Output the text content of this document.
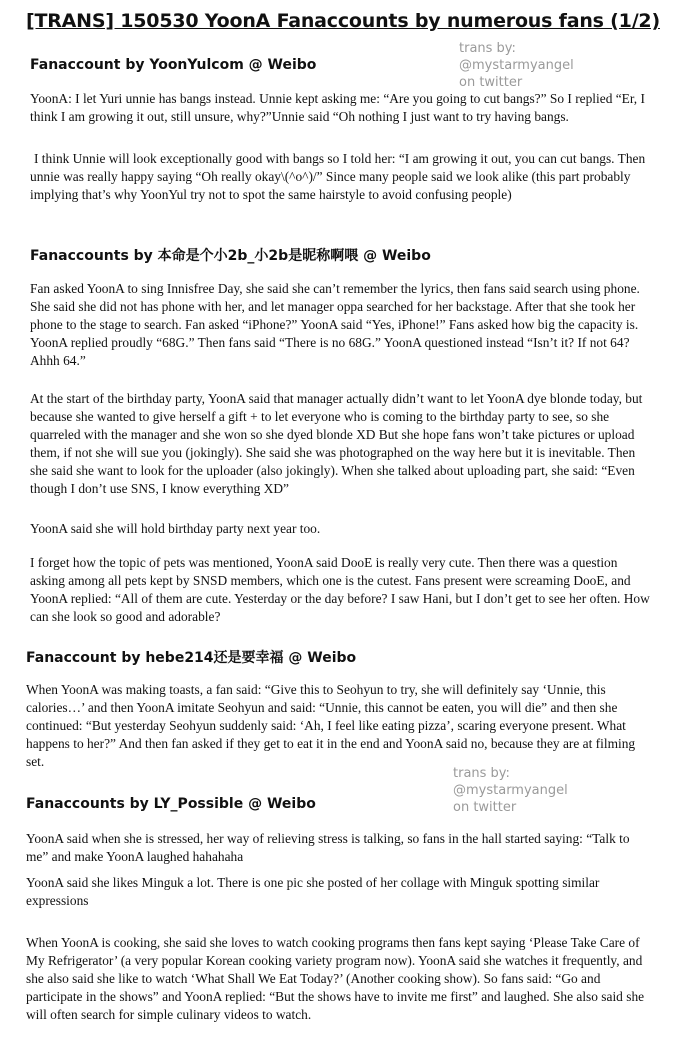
[TRANS] 150530 YoonA Fanaccounts by numerous fans (1/2)
trans by:
@mystarmyangel
on twitter
Fanaccount by YoonYulcom @ Weibo

YoonA: I let Yuri unnie has bangs instead. Unnie kept asking me: “Are you going to cut bangs?” So I replied “Er, I think I am growing it out, still unsure, why?”Unnie said “Oh nothing I just want to try having bangs.

I think Unnie will look exceptionally good with bangs so I told her: “I am growing it out, you can cut bangs. Then unnie was really happy saying “Oh really okay\(^o^)/” Since many people said we look alike (this part probably implying that’s why YoonYul try not to spot the same hairstyle to avoid confusing people)

Fanaccounts by 本命是个小2b_小2b是昵称啊喂 @ Weibo

Fan asked YoonA to sing Innisfree Day, she said she can’t remember the lyrics, then fans said search using phone. She said she did not has phone with her, and let manager oppa searched for her backstage. After that she took her phone to the stage to search. Fan asked “iPhone?” YoonA said “Yes, iPhone!” Fans asked how big the capacity is. YoonA replied proudly “68G.” Then fans said “There is no 68G.” YoonA questioned instead “Isn’t it? If not 64? Ahhh 64.”

At the start of the birthday party, YoonA said that manager actually didn’t want to let YoonA dye blonde today, but because she wanted to give herself a gift + to let everyone who is coming to the birthday party to see, so she quarreled with the manager and she won so she dyed blonde XD But she hope fans won’t take pictures or upload them, if not she will sue you (jokingly). She said she was photographed on the way here but it is inevitable. Then she said she want to look for the uploader (also jokingly). When she talked about uploading part, she said: “Even though I don’t use SNS, I know everything XD”

YoonA said she will hold birthday party next year too.

I forget how the topic of pets was mentioned, YoonA said DooE is really very cute. Then there was a question asking among all pets kept by SNSD members, which one is the cutest. Fans present were screaming DooE, and YoonA replied: “All of them are cute. Yesterday or the day before? I saw Hani, but I don’t get to see her often. How can she look so good and adorable?

Fanaccount by hebe214还是要幸福 @ Weibo

When YoonA was making toasts, a fan said: “Give this to Seohyun to try, she will definitely say ‘Unnie, this calories…’ and then YoonA imitate Seohyun and said: “Unnie, this cannot be eaten, you will die” and then she continued: “But yesterday Seohyun suddenly said: ‘Ah, I feel like eating pizza’, scaring everyone present. What happens to her?” And then fan asked if they get to eat it in the end and YoonA said no, because they are at filming set.

trans by:
@mystarmyangel
on twitter
Fanaccounts by LY_Possible @ Weibo

YoonA said when she is stressed, her way of relieving stress is talking, so fans in the hall started saying: “Talk to me” and make YoonA laughed hahahaha

YoonA said she likes Minguk a lot. There is one pic she posted of her collage with Minguk spotting similar expressions

When YoonA is cooking, she said she loves to watch cooking programs then fans kept saying ‘Please Take Care of My Refrigerator’ (a very popular Korean cooking variety program now). YoonA said she watches it frequently, and she also said she like to watch ‘What Shall We Eat Today?’ (Another cooking show). So fans said: “Go and participate in the shows” and YoonA replied: “But the shows have to invite me first” and laughed. She also said she will often search for simple culinary videos to watch.
